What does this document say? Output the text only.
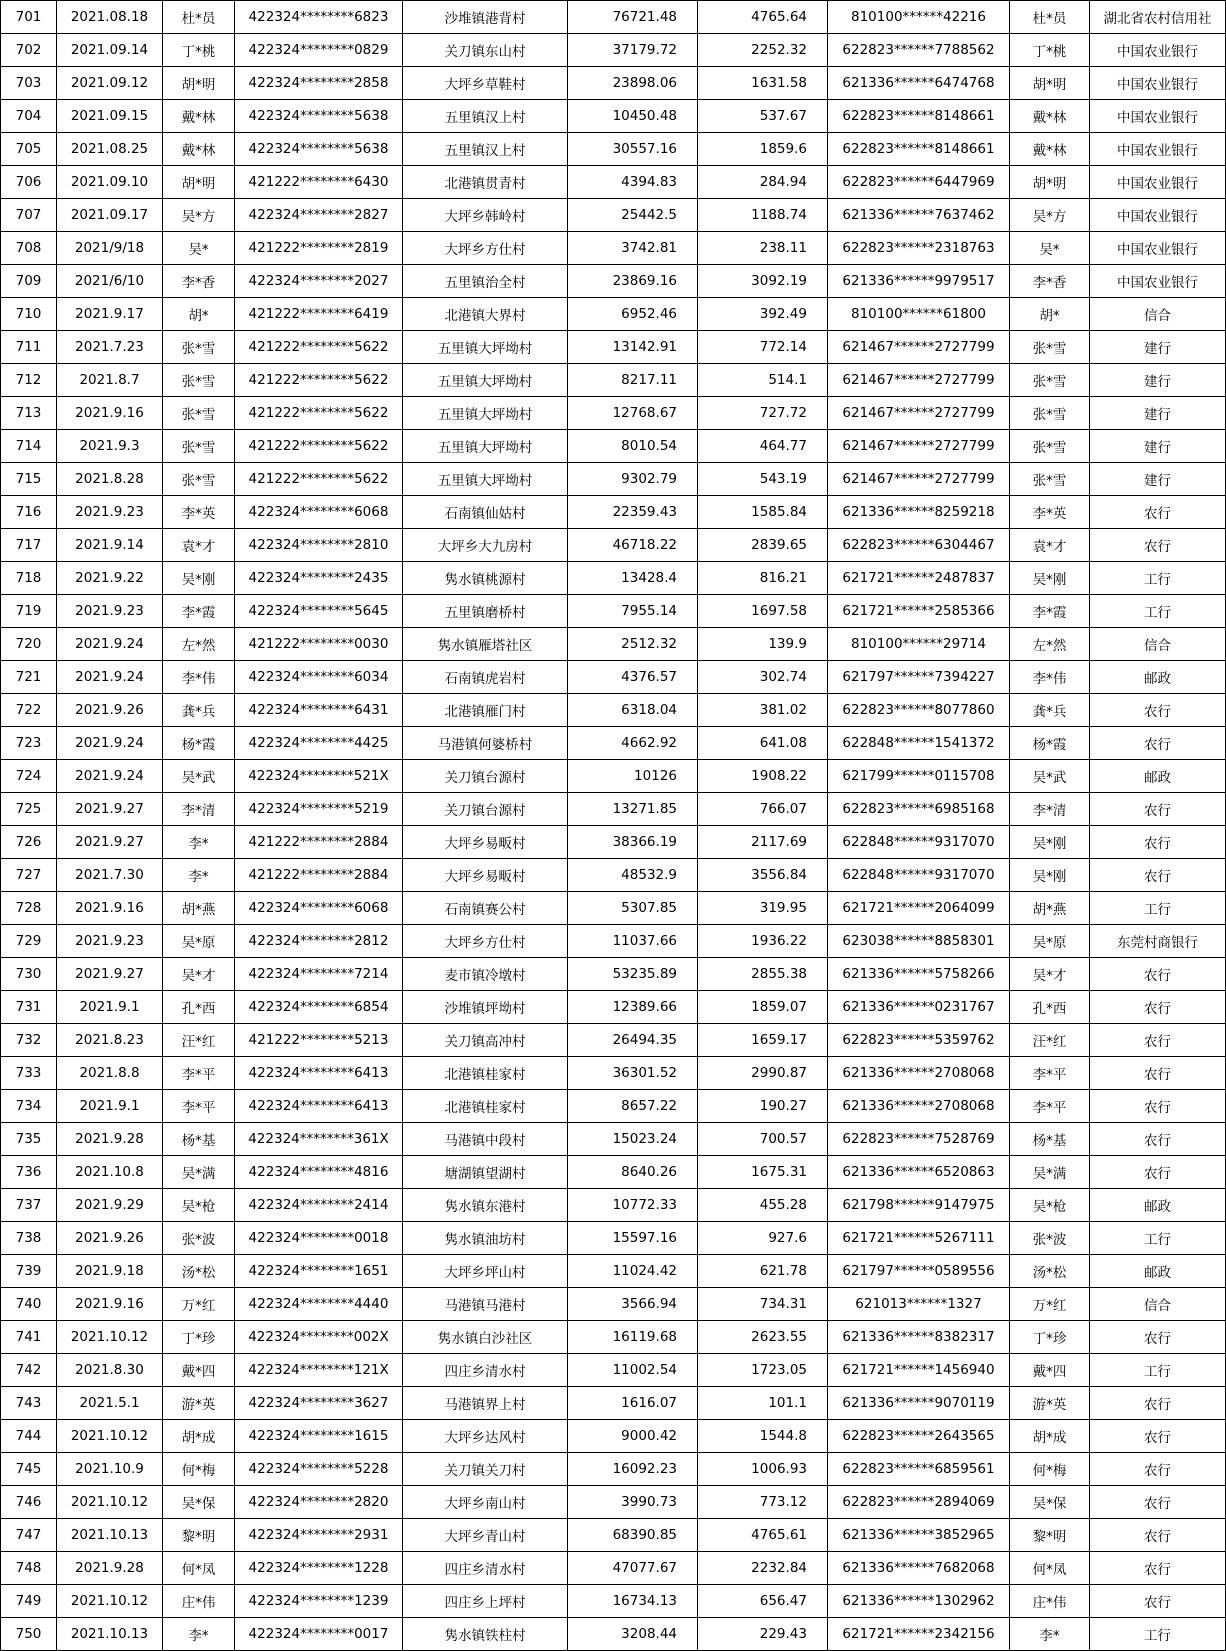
701	2021.08.18	杜*员	422324********6823	沙堆镇港背村	76721.48	4765.64	810100******42216	杜*员	湖北省农村信用社
702	2021.09.14	丁*桃	422324********0829	关刀镇东山村	37179.72	2252.32	622823******7788562	丁*桃	中国农业银行
703	2021.09.12	胡*明	422324********2858	大坪乡草鞋村	23898.06	1631.58	621336******6474768	胡*明	中国农业银行
704	2021.09.15	戴*林	422324********5638	五里镇汉上村	10450.48	537.67	622823******8148661	戴*林	中国农业银行
705	2021.08.25	戴*林	422324********5638	五里镇汉上村	30557.16	1859.6	622823******8148661	戴*林	中国农业银行
706	2021.09.10	胡*明	421222********6430	北港镇贯青村	4394.83	284.94	622823******6447969	胡*明	中国农业银行
707	2021.09.17	吴*方	422324********2827	大坪乡韩岭村	25442.5	1188.74	621336******7637462	吴*方	中国农业银行
708	2021/9/18	吴*	421222********2819	大坪乡方仕村	3742.81	238.11	622823******2318763	吴*	中国农业银行
709	2021/6/10	李*香	422324********2027	五里镇治全村	23869.16	3092.19	621336******9979517	李*香	中国农业银行
710	2021.9.17	胡*	421222********6419	北港镇大界村	6952.46	392.49	810100******61800	胡*	信合
711	2021.7.23	张*雪	421222********5622	五里镇大坪坳村	13142.91	772.14	621467******2727799	张*雪	建行
712	2021.8.7	张*雪	421222********5622	五里镇大坪坳村	8217.11	514.1	621467******2727799	张*雪	建行
713	2021.9.16	张*雪	421222********5622	五里镇大坪坳村	12768.67	727.72	621467******2727799	张*雪	建行
714	2021.9.3	张*雪	421222********5622	五里镇大坪坳村	8010.54	464.77	621467******2727799	张*雪	建行
715	2021.8.28	张*雪	421222********5622	五里镇大坪坳村	9302.79	543.19	621467******2727799	张*雪	建行
716	2021.9.23	李*英	422324********6068	石南镇仙姑村	22359.43	1585.84	621336******8259218	李*英	农行
717	2021.9.14	袁*才	422324********2810	大坪乡大九房村	46718.22	2839.65	622823******6304467	袁*才	农行
718	2021.9.22	吴*刚	422324********2435	隽水镇桃源村	13428.4	816.21	621721******2487837	吴*刚	工行
719	2021.9.23	李*霞	422324********5645	五里镇磨桥村	7955.14	1697.58	621721******2585366	李*霞	工行
720	2021.9.24	左*然	421222********0030	隽水镇雁塔社区	2512.32	139.9	810100******29714	左*然	信合
721	2021.9.24	李*伟	422324********6034	石南镇虎岩村	4376.57	302.74	621797******7394227	李*伟	邮政
722	2021.9.26	龚*兵	422324********6431	北港镇雁门村	6318.04	381.02	622823******8077860	龚*兵	农行
723	2021.9.24	杨*霞	422324********4425	马港镇何婆桥村	4662.92	641.08	622848******1541372	杨*霞	农行
724	2021.9.24	吴*武	422324********521X	关刀镇台源村	10126	1908.22	621799******0115708	吴*武	邮政
725	2021.9.27	李*清	422324********5219	关刀镇台源村	13271.85	766.07	622823******6985168	李*清	农行
726	2021.9.27	李*	421222********2884	大坪乡易畈村	38366.19	2117.69	622848******9317070	吴*刚	农行
727	2021.7.30	李*	421222********2884	大坪乡易畈村	48532.9	3556.84	622848******9317070	吴*刚	农行
728	2021.9.16	胡*燕	422324********6068	石南镇赛公村	5307.85	319.95	621721******2064099	胡*燕	工行
729	2021.9.23	吴*原	422324********2812	大坪乡方仕村	11037.66	1936.22	623038******8858301	吴*原	东莞村商银行
730	2021.9.27	吴*才	422324********7214	麦市镇冷墩村	53235.89	2855.38	621336******5758266	吴*才	农行
731	2021.9.1	孔*西	422324********6854	沙堆镇坪坳村	12389.66	1859.07	621336******0231767	孔*西	农行
732	2021.8.23	汪*红	421222********5213	关刀镇高冲村	26494.35	1659.17	622823******5359762	汪*红	农行
733	2021.8.8	李*平	422324********6413	北港镇桂家村	36301.52	2990.87	621336******2708068	李*平	农行
734	2021.9.1	李*平	422324********6413	北港镇桂家村	8657.22	190.27	621336******2708068	李*平	农行
735	2021.9.28	杨*基	422324********361X	马港镇中段村	15023.24	700.57	622823******7528769	杨*基	农行
736	2021.10.8	吴*满	422324********4816	塘湖镇望湖村	8640.26	1675.31	621336******6520863	吴*满	农行
737	2021.9.29	吴*枪	422324********2414	隽水镇东港村	10772.33	455.28	621798******9147975	吴*枪	邮政
738	2021.9.26	张*波	422324********0018	隽水镇油坊村	15597.16	927.6	621721******5267111	张*波	工行
739	2021.9.18	汤*松	422324********1651	大坪乡坪山村	11024.42	621.78	621797******0589556	汤*松	邮政
740	2021.9.16	万*红	422324********4440	马港镇马港村	3566.94	734.31	621013******1327	万*红	信合
741	2021.10.12	丁*珍	422324********002X	隽水镇白沙社区	16119.68	2623.55	621336******8382317	丁*珍	农行
742	2021.8.30	戴*四	422324********121X	四庄乡清水村	11002.54	1723.05	621721******1456940	戴*四	工行
743	2021.5.1	游*英	422324********3627	马港镇界上村	1616.07	101.1	621336******9070119	游*英	农行
744	2021.10.12	胡*成	422324********1615	大坪乡达风村	9000.42	1544.8	622823******2643565	胡*成	农行
745	2021.10.9	何*梅	422324********5228	关刀镇关刀村	16092.23	1006.93	622823******6859561	何*梅	农行
746	2021.10.12	吴*保	422324********2820	大坪乡南山村	3990.73	773.12	622823******2894069	吴*保	农行
747	2021.10.13	黎*明	422324********2931	大坪乡青山村	68390.85	4765.61	621336******3852965	黎*明	农行
748	2021.9.28	何*凤	422324********1228	四庄乡清水村	47077.67	2232.84	621336******7682068	何*凤	农行
749	2021.10.12	庄*伟	422324********1239	四庄乡上坪村	16734.13	656.47	621336******1302962	庄*伟	农行
750	2021.10.13	李*	422324********0017	隽水镇铁柱村	3208.44	229.43	621721******2342156	李*	工行
